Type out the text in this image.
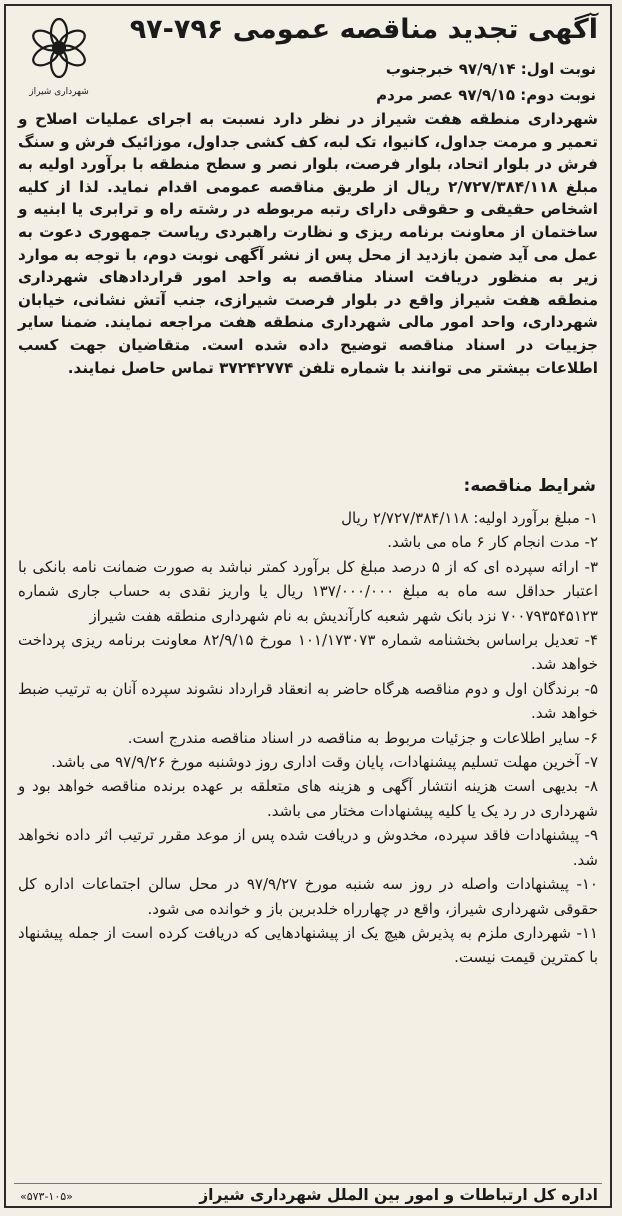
شهرداری شیراز
آگهی تجدید مناقصه عمومی ۷۹۶-۹۷
نوبت اول: ۹۷/۹/۱۴ خبرجنوب
نوبت دوم: ۹۷/۹/۱۵ عصر مردم
شهرداری منطقه هفت شیراز در نظر دارد نسبت به اجرای عملیات اصلاح و تعمیر و مرمت جداول، کانیوا، تک لبه، کف کشی جداول، موزائیک فرش و سنگ فرش در بلوار اتحاد، بلوار فرصت، بلوار نصر و سطح منطقه با برآورد اولیه به مبلغ ۲/۷۲۷/۳۸۴/۱۱۸ ریال از طریق مناقصه عمومی اقدام نماید. لذا از کلیه اشخاص حقیقی و حقوقی دارای رتبه مربوطه در رشته راه و ترابری یا ابنیه و ساختمان از معاونت برنامه ریزی و نظارت راهبردی ریاست جمهوری دعوت به عمل می آید ضمن بازدید از محل پس از نشر آگهی نوبت دوم، با توجه به موارد زیر به منظور دریافت اسناد مناقصه به واحد امور قراردادهای شهرداری منطقه هفت شیراز واقع در بلوار فرصت شیرازی، جنب آتش نشانی، خیابان شهرداری، واحد امور مالی شهرداری منطقه هفت مراجعه نمایند. ضمنا سایر جزییات در اسناد مناقصه توضیح داده شده است. متقاضیان جهت کسب اطلاعات بیشتر می توانند با شماره تلفن ۳۷۲۴۲۷۷۴ تماس حاصل نمایند.
شرایط مناقصه:
۱- مبلغ برآورد اولیه: ۲/۷۲۷/۳۸۴/۱۱۸ ریال
۲- مدت انجام کار ۶ ماه می باشد.
۳- ارائه سپرده ای که از ۵ درصد مبلغ کل برآورد کمتر نباشد به صورت ضمانت نامه بانکی با اعتبار حداقل سه ماه به مبلغ ۱۳۷/۰۰۰/۰۰۰ ریال یا واریز نقدی به حساب جاری شماره ۷۰۰۷۹۳۵۴۵۱۲۳ نزد بانک شهر شعبه کارآندیش به نام شهرداری منطقه هفت شیراز
۴- تعدیل براساس بخشنامه شماره ۱۰۱/۱۷۳۰۷۳ مورخ ۸۲/۹/۱۵ معاونت برنامه ریزی پرداخت خواهد شد.
۵- برندگان اول و دوم مناقصه هرگاه حاضر به انعقاد قرارداد نشوند سپرده آنان به ترتیب ضبط خواهد شد.
۶- سایر اطلاعات و جزئیات مربوط به مناقصه در اسناد مناقصه مندرج است.
۷- آخرین مهلت تسلیم پیشنهادات، پایان وقت اداری روز دوشنبه مورخ ۹۷/۹/۲۶ می باشد.
۸- بدیهی است هزینه انتشار آگهی و هزینه های متعلقه بر عهده برنده مناقصه خواهد بود و شهرداری در رد یک یا کلیه پیشنهادات مختار می باشد.
۹- پیشنهادات فاقد سپرده، مخدوش و دریافت شده پس از موعد مقرر ترتیب اثر داده نخواهد شد.
۱۰- پیشنهادات واصله در روز سه شنبه مورخ ۹۷/۹/۲۷ در محل سالن اجتماعات اداره کل حقوقی شهرداری شیراز، واقع در چهارراه خلدبرین باز و خوانده می شود.
۱۱- شهرداری ملزم به پذیرش هیچ یک از پیشنهادهایی که دریافت کرده است از جمله پیشنهاد با کمترین قیمت نیست.
اداره کل ارتباطات و امور بین الملل شهرداری شیراز
«۵۷۳-۱۰۵»
